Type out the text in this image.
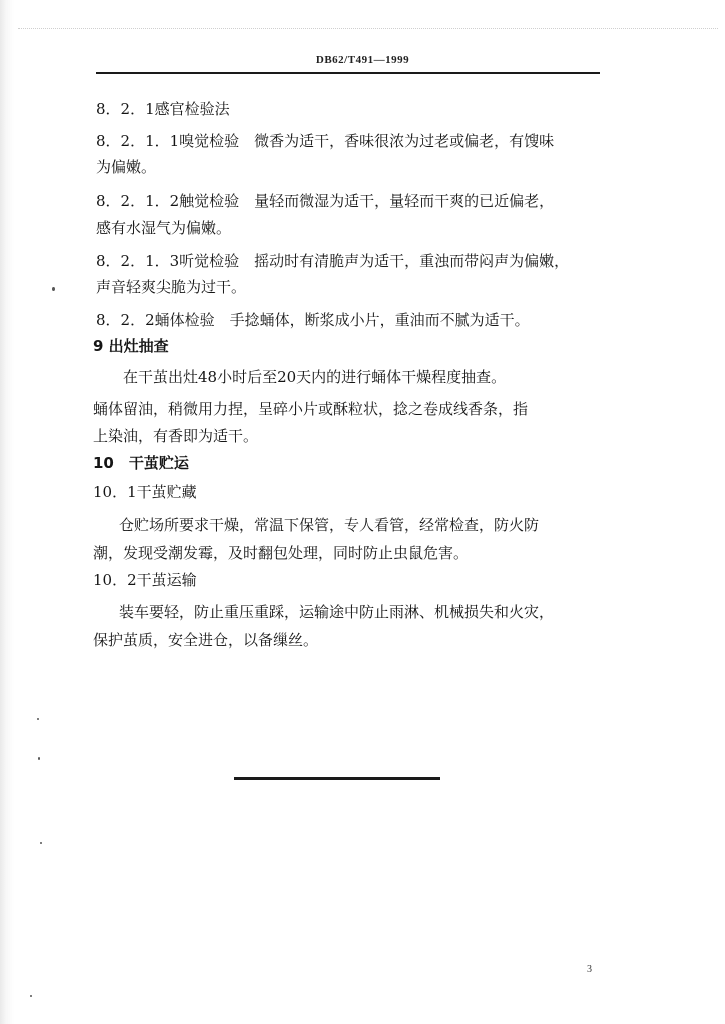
DB62/T491—1999
8．2．1感官检验法
8．2．1．1嗅觉检验　微香为适干，香味很浓为过老或偏老，有馊味
为偏嫩。
8．2．1．2触觉检验　量轻而微湿为适干，量轻而干爽的已近偏老，
感有水湿气为偏嫩。
8．2．1．3听觉检验　摇动时有清脆声为适干，重浊而带闷声为偏嫩，
声音轻爽尖脆为过干。
8．2．2蛹体检验　手捻蛹体，断浆成小片，重油而不腻为适干。
9 出灶抽查
在干茧出灶48小时后至20天内的进行蛹体干燥程度抽查。
蛹体留油，稍微用力捏，呈碎小片或酥粒状，捻之卷成线香条，指
上染油，有香即为适干。
10　干茧贮运
10．1干茧贮藏
仓贮场所要求干燥，常温下保管，专人看管，经常检查，防火防
潮，发现受潮发霉，及时翻包处理，同时防止虫鼠危害。
10．2干茧运输
装车要轻，防止重压重踩，运输途中防止雨淋、机械损失和火灾，
保护茧质，安全进仓，以备缫丝。
3
